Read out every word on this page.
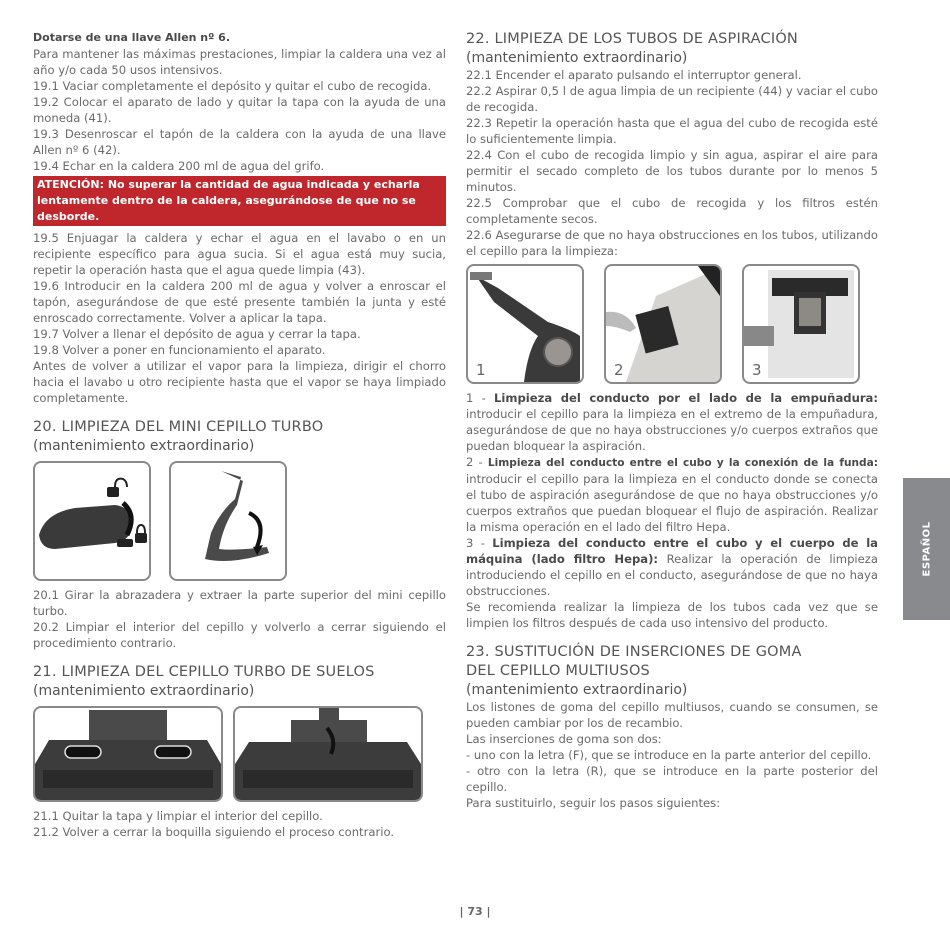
Dotarse de una llave Allen nº 6.

Para mantener las máximas prestaciones, limpiar la caldera una vez al año y/o cada 50 usos intensivos.

19.1 Vaciar completamente el depósito y quitar el cubo de recogida.

19.2 Colocar el aparato de lado y quitar la tapa con la ayuda de una moneda (41).

19.3 Desenroscar el tapón de la caldera con la ayuda de una llave Allen nº 6 (42).

19.4 Echar en la caldera 200 ml de agua del grifo.

ATENCIÓN: No superar la cantidad de agua indicada y echarla lentamente dentro de la caldera, asegurándose de que no se desborde.

19.5 Enjuagar la caldera y echar el agua en el lavabo o en un recipiente específico para agua sucia. Si el agua está muy sucia, repetir la operación hasta que el agua quede limpia (43).

19.6 Introducir en la caldera 200 ml de agua y volver a enroscar el tapón, asegurándose de que esté presente también la junta y esté enroscado correctamente. Volver a aplicar la tapa.

19.7 Volver a llenar el depósito de agua y cerrar la tapa.

19.8 Volver a poner en funcionamiento el aparato.

Antes de volver a utilizar el vapor para la limpieza, dirigir el chorro hacia el lavabo u otro recipiente hasta que el vapor se haya limpiado completamente.

20. LIMPIEZA DEL MINI CEPILLO TURBO
(mantenimiento extraordinario)

20.1 Girar la abrazadera y extraer la parte superior del mini cepillo turbo.

20.2 Limpiar el interior del cepillo y volverlo a cerrar siguiendo el procedimiento contrario.

21. LIMPIEZA DEL CEPILLO TURBO DE SUELOS
(mantenimiento extraordinario)

21.1 Quitar la tapa y limpiar el interior del cepillo.

21.2 Volver a cerrar la boquilla siguiendo el proceso contrario.

22. LIMPIEZA DE LOS TUBOS DE ASPIRACIÓN
(mantenimiento extraordinario)

22.1 Encender el aparato pulsando el interruptor general.

22.2 Aspirar 0,5 l de agua limpia de un recipiente (44) y vaciar el cubo de recogida.

22.3 Repetir la operación hasta que el agua del cubo de recogida esté lo suficientemente limpia.

22.4 Con el cubo de recogida limpio y sin agua, aspirar el aire para permitir el secado completo de los tubos durante por lo menos 5 minutos.

22.5 Comprobar que el cubo de recogida y los filtros estén completamente secos.

22.6 Asegurarse de que no haya obstrucciones en los tubos, utilizando el cepillo para la limpieza:

1	2	3

1 - Limpieza del conducto por el lado de la empuñadura: introducir el cepillo para la limpieza en el extremo de la empuñadura, asegurándose de que no haya obstrucciones y/o cuerpos extraños que puedan bloquear la aspiración.

2 - Limpieza del conducto entre el cubo y la conexión de la funda: introducir el cepillo para la limpieza en el conducto donde se conecta el tubo de aspiración asegurándose de que no haya obstrucciones y/o cuerpos extraños que puedan bloquear el flujo de aspiración. Realizar la misma operación en el lado del filtro Hepa.

3 - Limpieza del conducto entre el cubo y el cuerpo de la máquina (lado filtro Hepa): Realizar la operación de limpieza introduciendo el cepillo en el conducto, asegurándose de que no haya obstrucciones.

Se recomienda realizar la limpieza de los tubos cada vez que se limpien los filtros después de cada uso intensivo del producto.

23. SUSTITUCIÓN DE INSERCIONES DE GOMA
DEL CEPILLO MULTIUSOS
(mantenimiento extraordinario)

Los listones de goma del cepillo multiusos, cuando se consumen, se pueden cambiar por los de recambio.

Las inserciones de goma son dos:

- uno con la letra (F), que se introduce en la parte anterior del cepillo.

- otro con la letra (R), que se introduce en la parte posterior del cepillo.

Para sustituirlo, seguir los pasos siguientes:

ESPAÑOL
| 73 |
